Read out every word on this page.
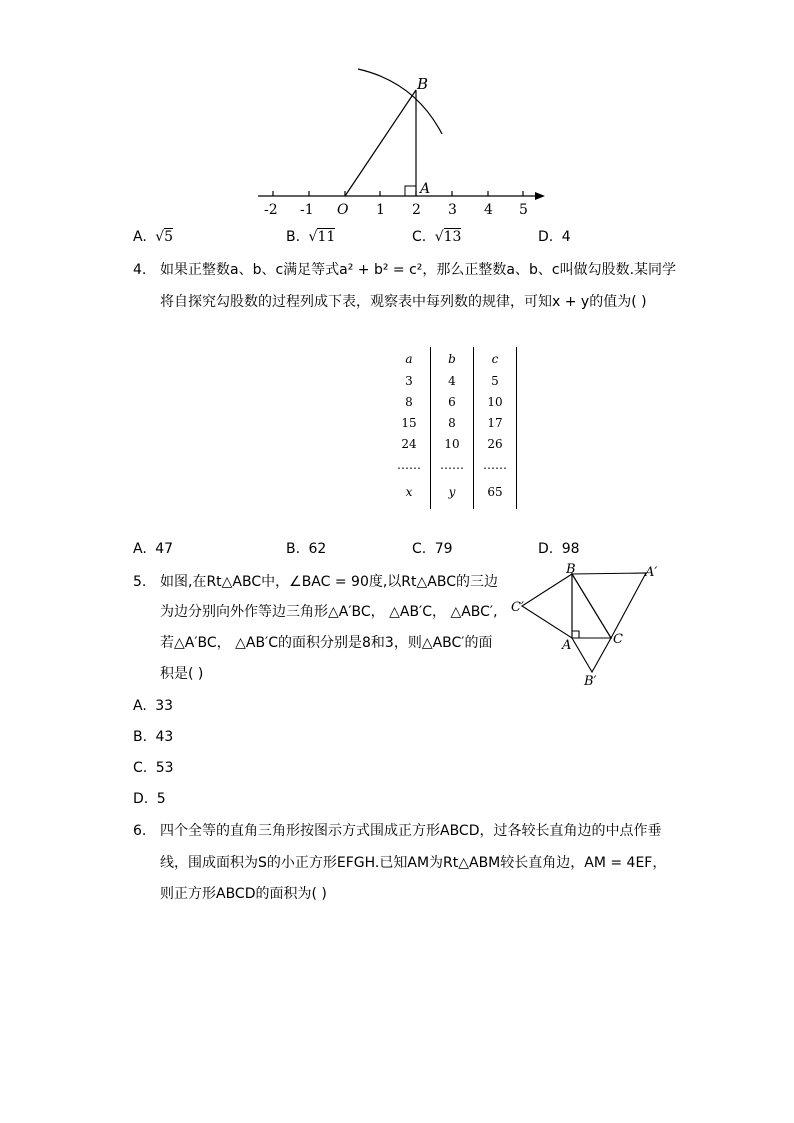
B
A
-2 -1 O 1 2 3 4 5
A. √5	B. √11	C. √13	D. 4
4. 如果正整数a、b、c满足等式a² + b² = c²，那么正整数a、b、c叫做勾股数.某同学
将自探究勾股数的过程列成下表，观察表中每列数的规律，可知x + y的值为( )
a	b	c
3	4	5
8	6	10
15	8	17
24	10	26
……	……	……
x	y	65
A. 47	B. 62	C. 79	D. 98
5. 如图,在Rt△ABC中，∠BAC = 90度,以Rt△ABC的三边
为边分别向外作等边三角形△A′BC， △AB′C， △ABC′,
若△A′BC， △AB′C的面积分别是8和3，则△ABC′的面
积是( )
B	A′
C′
A	C
B′
A. 33
B. 43
C. 53
D. 5
6. 四个全等的直角三角形按图示方式围成正方形ABCD，过各较长直角边的中点作垂
线，围成面积为S的小正方形EFGH.已知AM为Rt△ABM较长直角边，AM = 4EF，
则正方形ABCD的面积为( )
